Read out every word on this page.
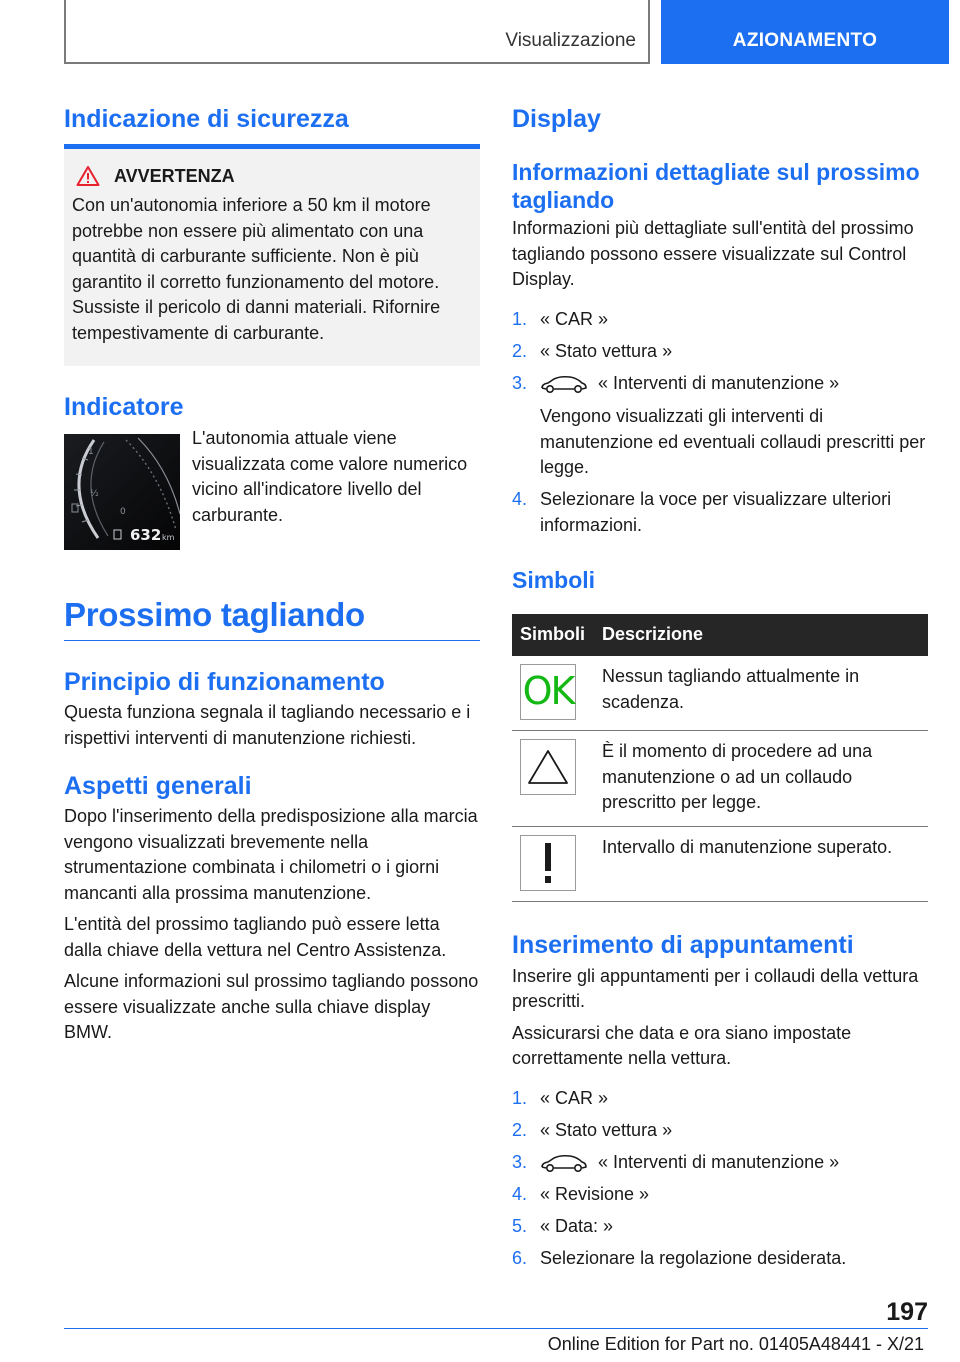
Visualizzazione	AZIONAMENTO
Indicazione di sicurezza
AVVERTENZA
Con un'autonomia inferiore a 50 km il motore potrebbe non essere più alimentato con una quantità di carburante sufficiente. Non è più garantito il corretto funzionamento del motore. Sussiste il pericolo di danni materiali. Rifornire tempestivamente di carburante.
Indicatore
1
½
0
632 km
L'autonomia attuale viene visualizzata come valore numerico vicino all'indicatore livello del carburante.
Prossimo tagliando
Principio di funzionamento
Questa funziona segnala il tagliando necessario e i rispettivi interventi di manutenzione richiesti.
Aspetti generali
Dopo l'inserimento della predisposizione alla marcia vengono visualizzati brevemente nella strumentazione combinata i chilometri o i giorni mancanti alla prossima manutenzione.
L'entità del prossimo tagliando può essere letta dalla chiave della vettura nel Centro Assistenza.
Alcune informazioni sul prossimo tagliando possono essere visualizzate anche sulla chiave display BMW.
Display
Informazioni dettagliate sul prossimo tagliando
Informazioni più dettagliate sull'entità del prossimo tagliando possono essere visualizzate sul Control Display.
1. « CAR »
2. « Stato vettura »
3.	« Interventi di manutenzione »
Vengono visualizzati gli interventi di manutenzione ed eventuali collaudi prescritti per legge.
4. Selezionare la voce per visualizzare ulteriori informazioni.
Simboli
Simboli	Descrizione

OK	Nessun tagliando attualmente in scadenza.

	È il momento di procedere ad una manutenzione o ad un collaudo prescritto per legge.

	Intervallo di manutenzione superato.
Inserimento di appuntamenti
Inserire gli appuntamenti per i collaudi della vettura prescritti.
Assicurarsi che data e ora siano impostate correttamente nella vettura.
1. « CAR »
2. « Stato vettura »
3.	« Interventi di manutenzione »
4. « Revisione »
5. « Data: »
6. Selezionare la regolazione desiderata.
197
Online Edition for Part no. 01405A48441 - X/21
